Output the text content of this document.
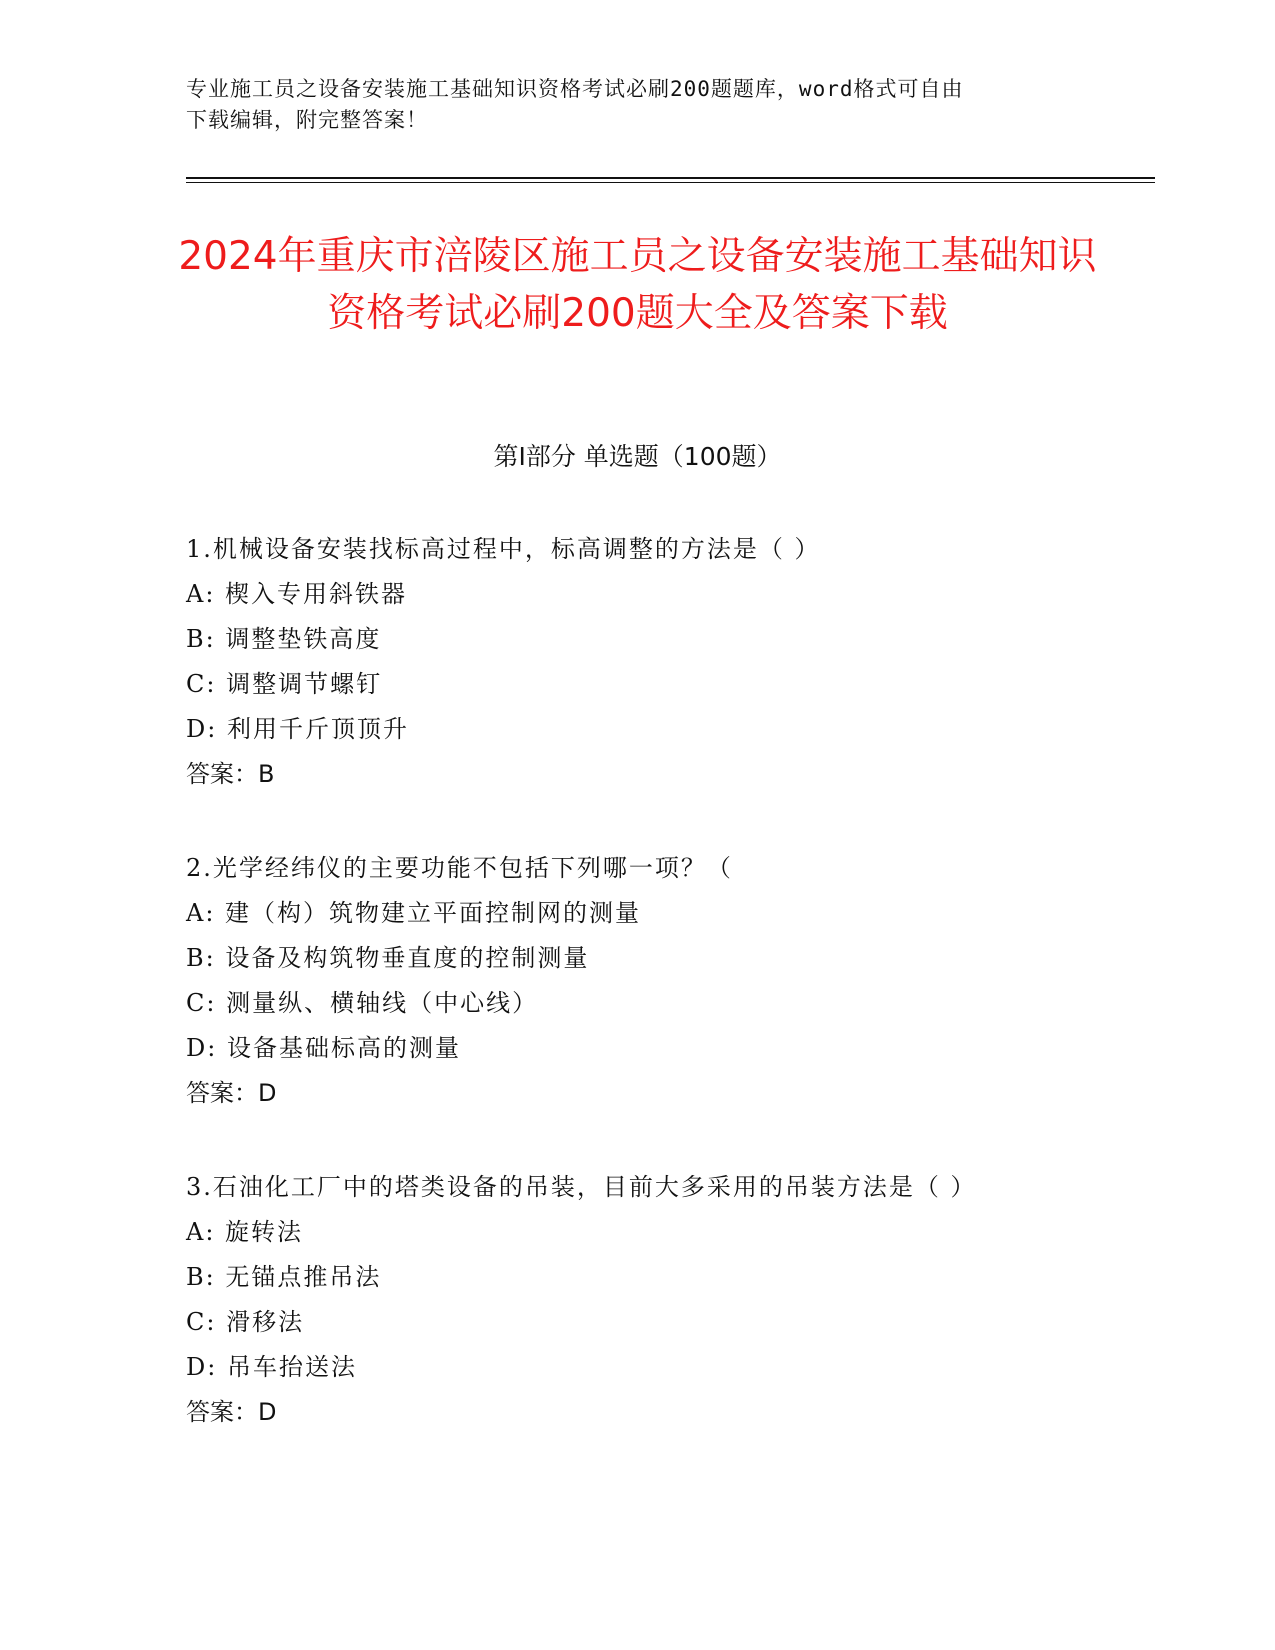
专业施工员之设备安装施工基础知识资格考试必刷200题题库，word格式可自由
下载编辑，附完整答案！
2024年重庆市涪陵区施工员之设备安装施工基础知识资格考试必刷200题大全及答案下载
第Ⅰ部分 单选题（100题）
1.机械设备安装找标高过程中，标高调整的方法是（ ）
A: 楔入专用斜铁器
B: 调整垫铁高度
C: 调整调节螺钉
D: 利用千斤顶顶升
答案：B
2.光学经纬仪的主要功能不包括下列哪一项？（
A: 建（构）筑物建立平面控制网的测量
B: 设备及构筑物垂直度的控制测量
C: 测量纵、横轴线（中心线）
D: 设备基础标高的测量
答案：D
3.石油化工厂中的塔类设备的吊装，目前大多采用的吊装方法是（ ）
A: 旋转法
B: 无锚点推吊法
C: 滑移法
D: 吊车抬送法
答案：D
